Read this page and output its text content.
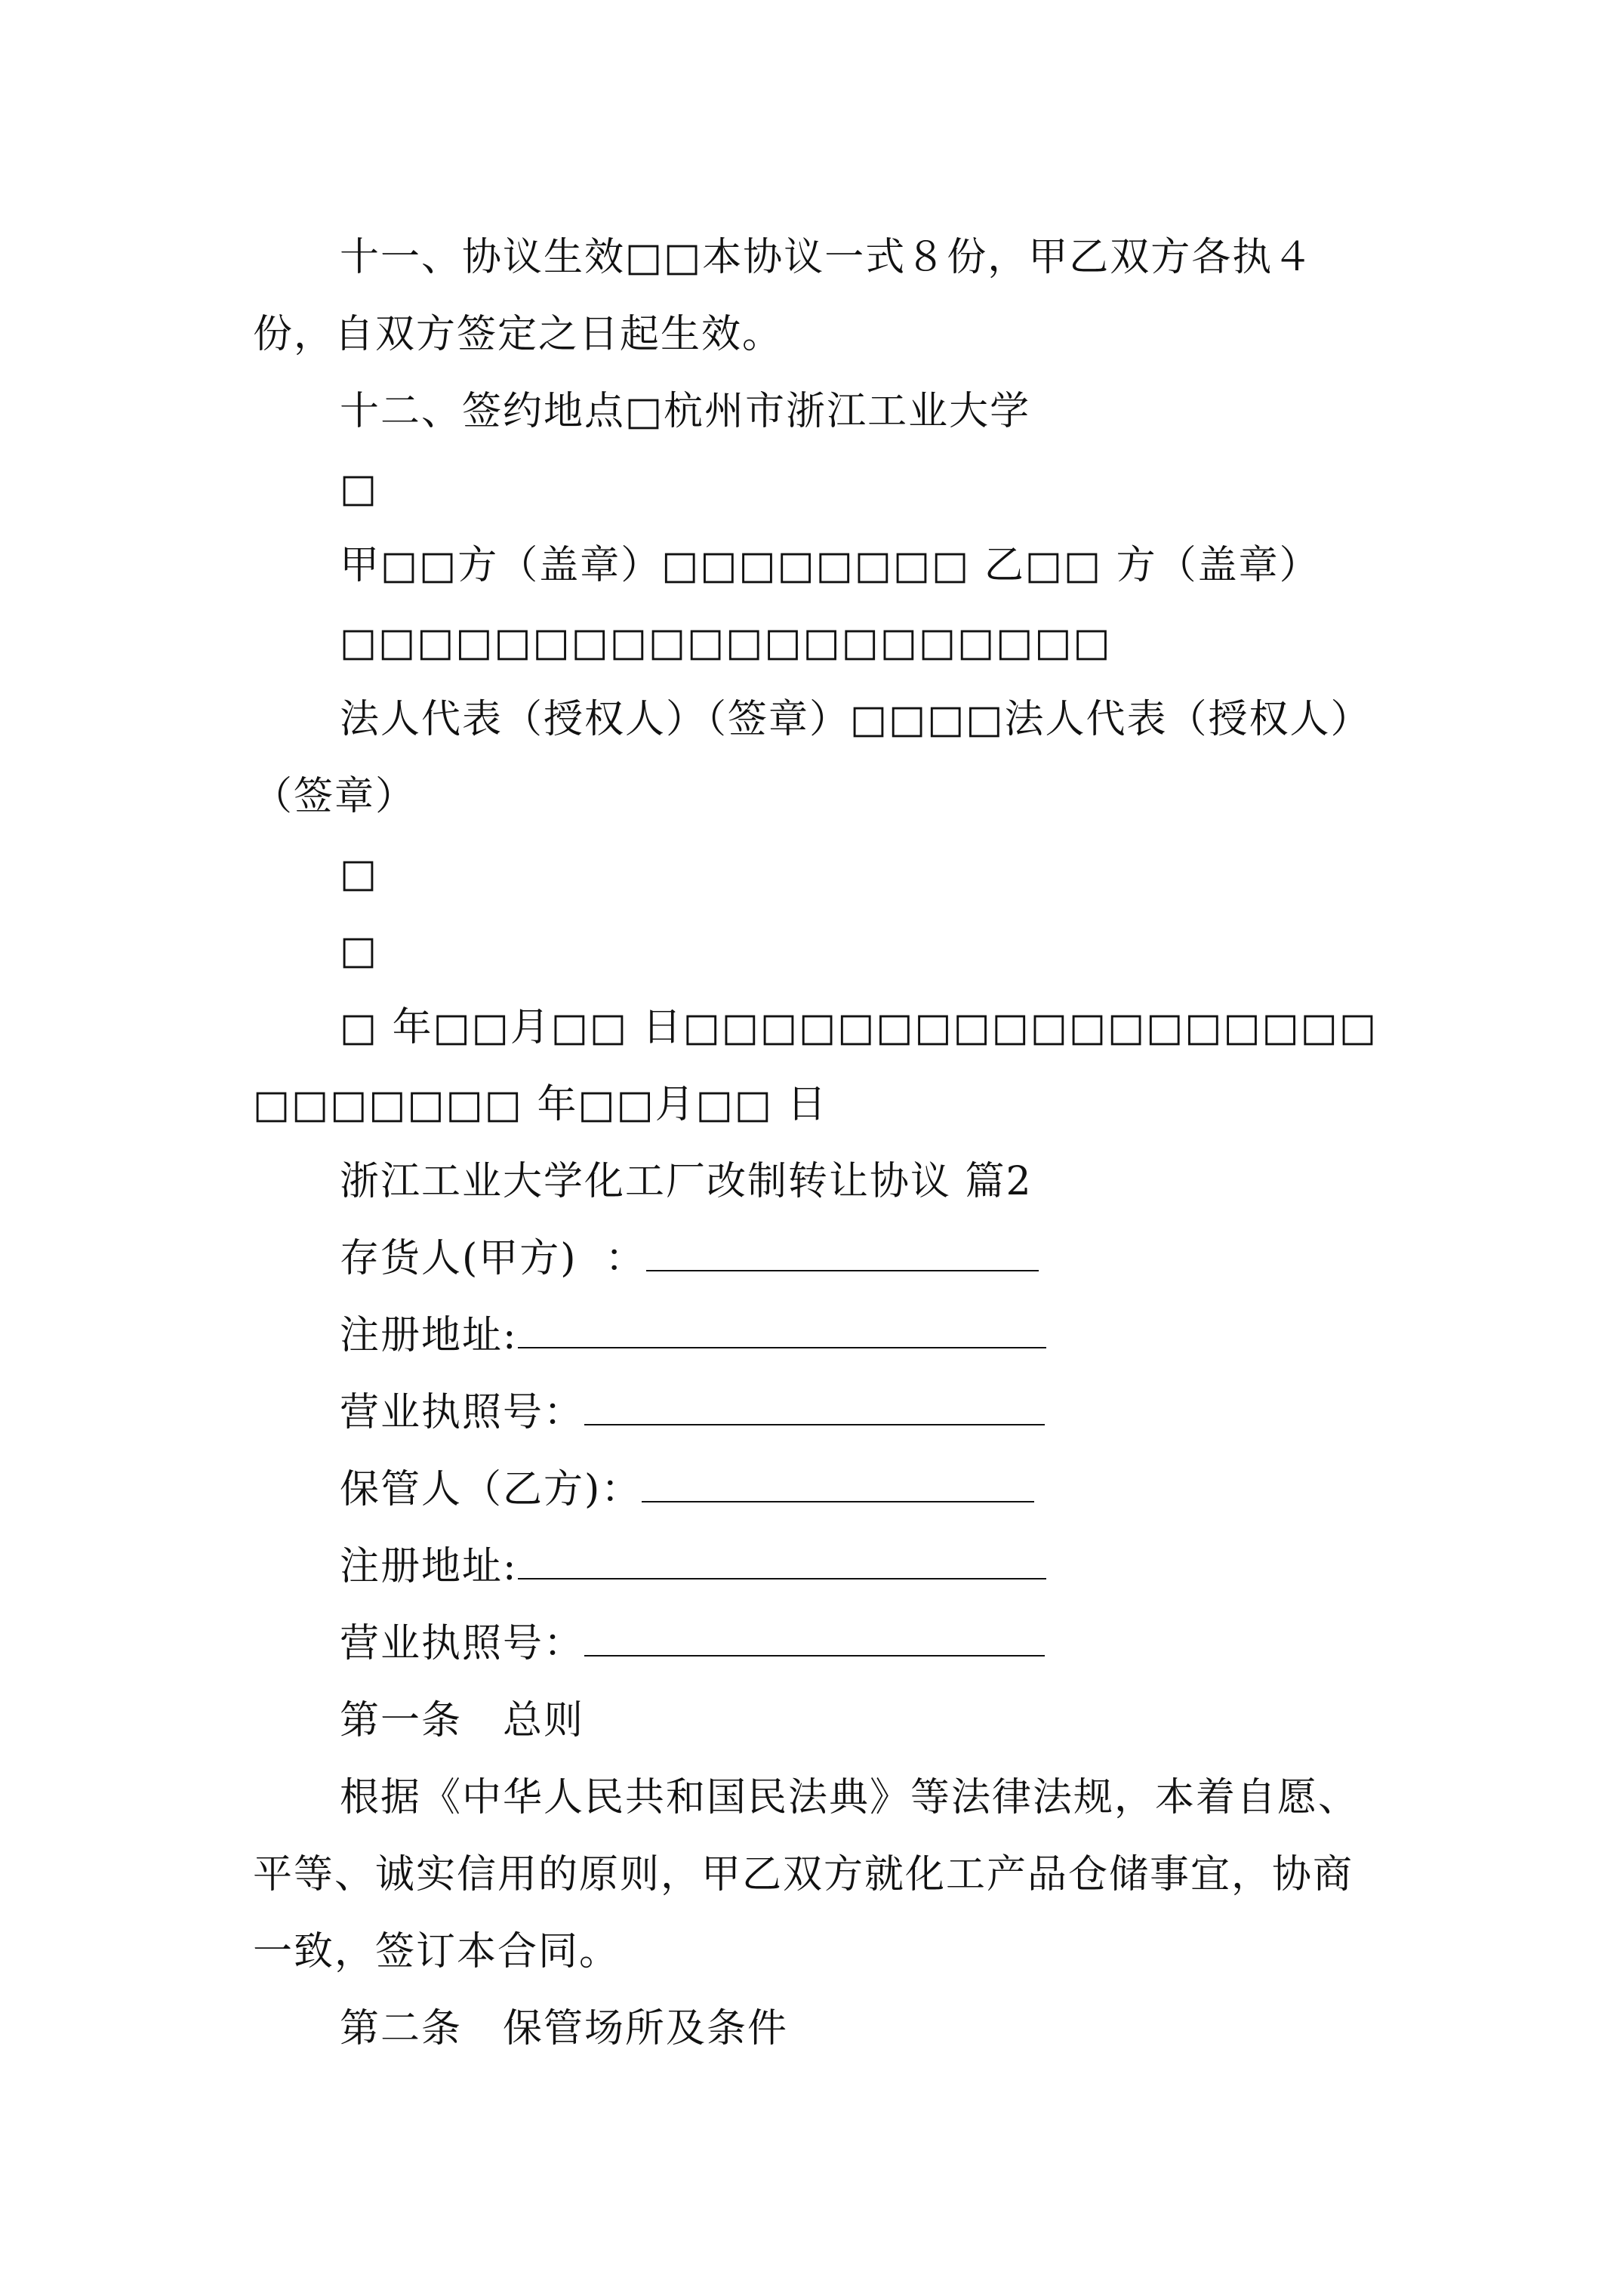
十一、协议生效□□本协议一式８份，甲乙双方各执４份，自双方签定之日起生效。

十二、签约地点□杭州市浙江工业大学

□

甲□□方（盖章）□□□□□□□□ 乙□□ 方（盖章）

□□□□□□□□□□□□□□□□□□□□

法人代表（授权人）（签章）□□□□法人代表（授权人）（签章）

□

□

□ 年□□月□□ 日□□□□□□□□□□□□□□□□□□□□□□□□□ 年□□月□□ 日

浙江工业大学化工厂改制转让协议 篇2

存货人(甲方)  ：

注册地址:

营业执照号：

保管人（乙方)：

注册地址:

营业执照号：

第一条　总则

根据《中华人民共和国民法典》等法律法规，本着自愿、平等、诚实信用的原则，甲乙双方就化工产品仓储事宜，协商一致，签订本合同。

第二条　保管场所及条件
